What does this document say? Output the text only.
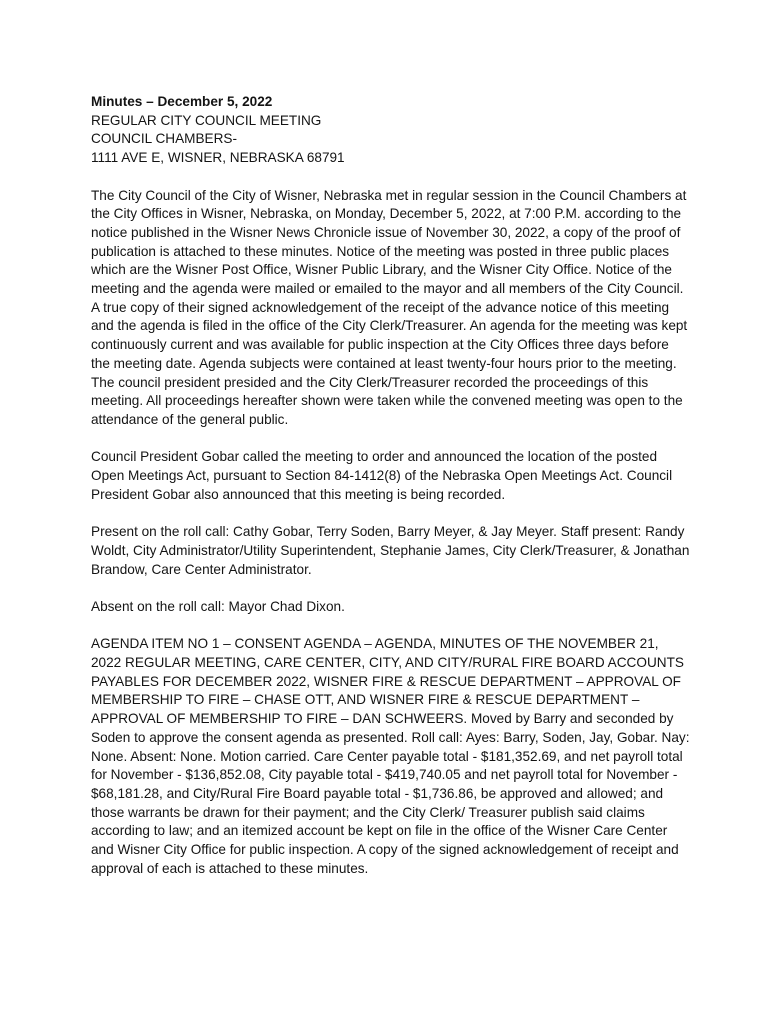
Minutes – December 5, 2022
REGULAR CITY COUNCIL MEETING
COUNCIL CHAMBERS-
1111 AVE E, WISNER, NEBRASKA 68791

The City Council of the City of Wisner, Nebraska met in regular session in the Council Chambers at the City Offices in Wisner, Nebraska, on Monday, December 5, 2022, at 7:00 P.M. according to the notice published in the Wisner News Chronicle issue of November 30, 2022, a copy of the proof of publication is attached to these minutes. Notice of the meeting was posted in three public places which are the Wisner Post Office, Wisner Public Library, and the Wisner City Office. Notice of the meeting and the agenda were mailed or emailed to the mayor and all members of the City Council. A true copy of their signed acknowledgement of the receipt of the advance notice of this meeting and the agenda is filed in the office of the City Clerk/Treasurer. An agenda for the meeting was kept continuously current and was available for public inspection at the City Offices three days before the meeting date. Agenda subjects were contained at least twenty-four hours prior to the meeting. The council president presided and the City Clerk/Treasurer recorded the proceedings of this meeting. All proceedings hereafter shown were taken while the convened meeting was open to the attendance of the general public.

Council President Gobar called the meeting to order and announced the location of the posted Open Meetings Act, pursuant to Section 84-1412(8) of the Nebraska Open Meetings Act. Council President Gobar also announced that this meeting is being recorded.

Present on the roll call: Cathy Gobar, Terry Soden, Barry Meyer, & Jay Meyer. Staff present: Randy Woldt, City Administrator/Utility Superintendent, Stephanie James, City Clerk/Treasurer, & Jonathan Brandow, Care Center Administrator.

Absent on the roll call: Mayor Chad Dixon.

AGENDA ITEM NO 1 – CONSENT AGENDA – AGENDA, MINUTES OF THE NOVEMBER 21, 2022 REGULAR MEETING, CARE CENTER, CITY, AND CITY/RURAL FIRE BOARD ACCOUNTS PAYABLES FOR DECEMBER 2022, WISNER FIRE & RESCUE DEPARTMENT – APPROVAL OF MEMBERSHIP TO FIRE – CHASE OTT, AND WISNER FIRE & RESCUE DEPARTMENT – APPROVAL OF MEMBERSHIP TO FIRE – DAN SCHWEERS. Moved by Barry and seconded by Soden to approve the consent agenda as presented. Roll call: Ayes: Barry, Soden, Jay, Gobar. Nay: None. Absent: None. Motion carried. Care Center payable total - $181,352.69, and net payroll total for November - $136,852.08, City payable total - $419,740.05 and net payroll total for November - $68,181.28, and City/Rural Fire Board payable total - $1,736.86, be approved and allowed; and those warrants be drawn for their payment; and the City Clerk/ Treasurer publish said claims according to law; and an itemized account be kept on file in the office of the Wisner Care Center and Wisner City Office for public inspection. A copy of the signed acknowledgement of receipt and approval of each is attached to these minutes.
